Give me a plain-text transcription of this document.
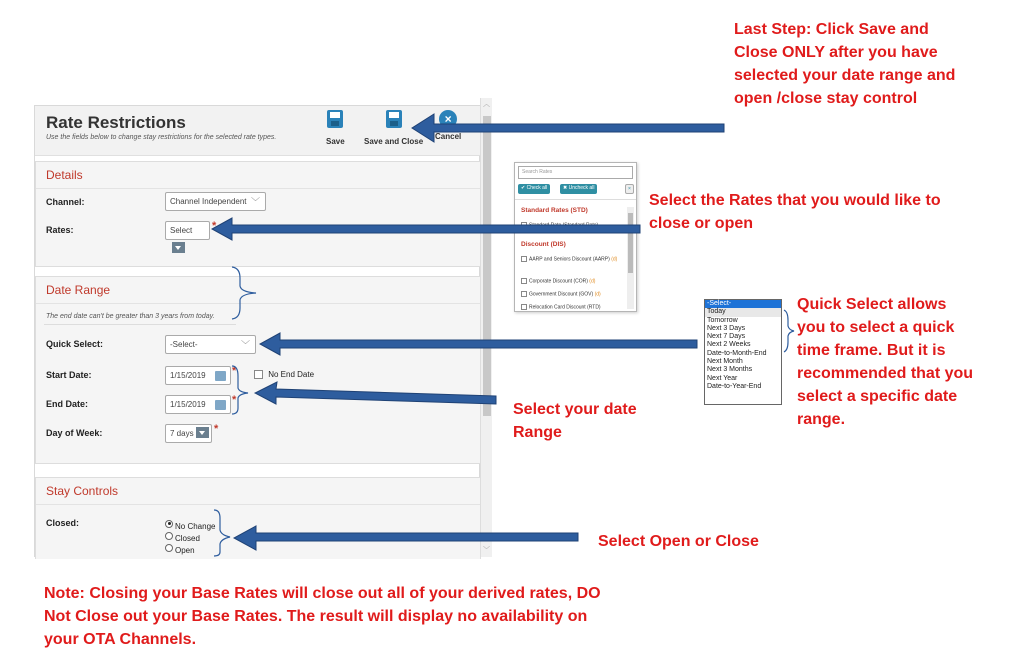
Rate Restrictions
Use the fields below to change stay restrictions for the selected rate types.	Save Save and Close
×
Cancel
Details
Channel:	Channel Independent ﹀
Rates:	Select	*
Date Range
The end date can't be greater than 3 years from today.
Quick Select:	-Select-	﹀
Start Date:	1/15/2019	*	No End Date
End Date:	1/15/2019	*
Day of Week:	7 days	*
Stay Controls
Closed:	No Change
Closed
Open
︿
﹀
Search Rates
✔ Check all	✖ Uncheck all	×
Standard Rates (STD)
Discount (DIS)
AARP and Seniors Discount (AARP) (d)
Corporate Discount (COR) (d)
Government Discount (GOV) (d)
Relocation Card Discount (RTD)
-Select-
Today
Tomorrow
Next 3 Days
Next 7 Days
Next 2 Weeks
Date-to-Month-End
Next Month
Next 3 Months
Next Year
Date-to-Year-End
Last Step: Click Save and Close ONLY after you have selected your date range and open /close stay control
Select the Rates that you would like to close or open
Quick Select allows you to select a quick time frame. But it is recommended that you select a specific date range.
Select your date Range
Select Open or Close
Note: Closing your Base Rates will close out all of your derived rates, DO Not Close out your Base Rates. The result will display no availability on your OTA Channels.
